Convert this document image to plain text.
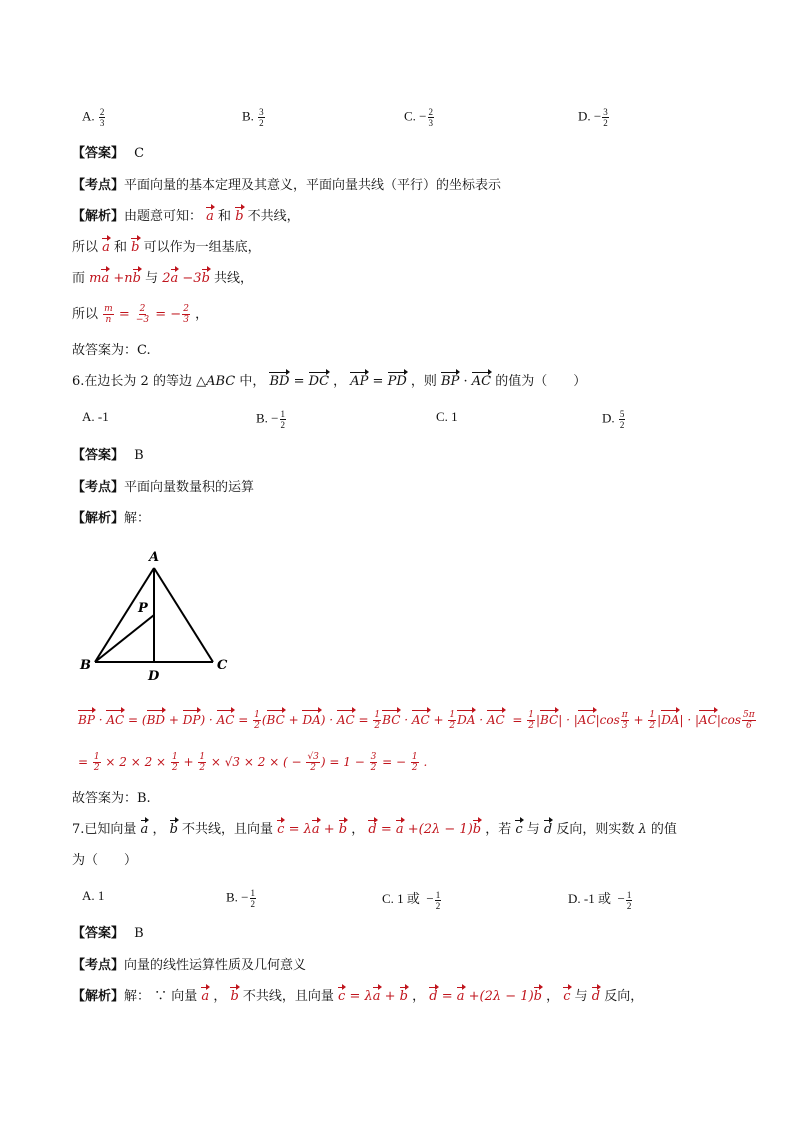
A. $\frac{2}{3}$	B. $\frac{3}{2}$	C. − $\frac{2}{3}$	D. − $\frac{3}{2}$
【答案】 C
【考点】平面向量的基本定理及其意义，平面向量共线（平行）的坐标表示
【解析】由题意可知： a 和 b 不共线，
所以 a 和 b 可以作为一组基底，
而 ma +nb 与 2a −3b 共线，
所以 $\frac{m}{n} = \frac{2}{-3}$ = − $\frac{2}{3}$ ，
故答案为：C.
6.在边长为 2 的等边 △ABC 中， BD = DC ， AP = PD ，则 BP · AC 的值为（　　）
A. -1	B. − $\frac{1}{2}$	C. 1	D. $\frac{5}{2}$
【答案】 B
【考点】平面向量数量积的运算
【解析】解：
A
P
B	C
D
BP · AC = (BD + DP) · AC = $\frac{1}{2} (BC + DA)$ · AC = $\frac{1}{2}$ BC · AC + $\frac{1}{2}$ DA · AC  = $\frac{1}{2} |BC| \cdot |AC|\cos \frac{\pi}{3} + \frac{1}{2} |DA| \cdot |AC|\cos \frac{5\pi}{6}$
= $\frac{1}{2} \times 2 \times 2 \times \frac{1}{2} + \frac{1}{2} \times √3 \times 2$ × ( − $\frac{√3}{2}$ ) = $1 - \frac{3}{2}$ = − $\frac{1}{2}$ .
故答案为：B.
7.已知向量 a ， b 不共线，且向量 c = λa + b ， d = a +(2λ − 1)b ，若 c 与 d 反向，则实数 λ 的值
为（　　）
A. 1	B. − $\frac{1}{2}$	C. 1 或  − $\frac{1}{2}$	D. -1 或  − $\frac{1}{2}$
【答案】 B
【考点】向量的线性运算性质及几何意义
【解析】解： ∵ 向量 a ， b 不共线，且向量 c = λa + b ， d = a +(2λ − 1)b ， c 与 d 反向，
